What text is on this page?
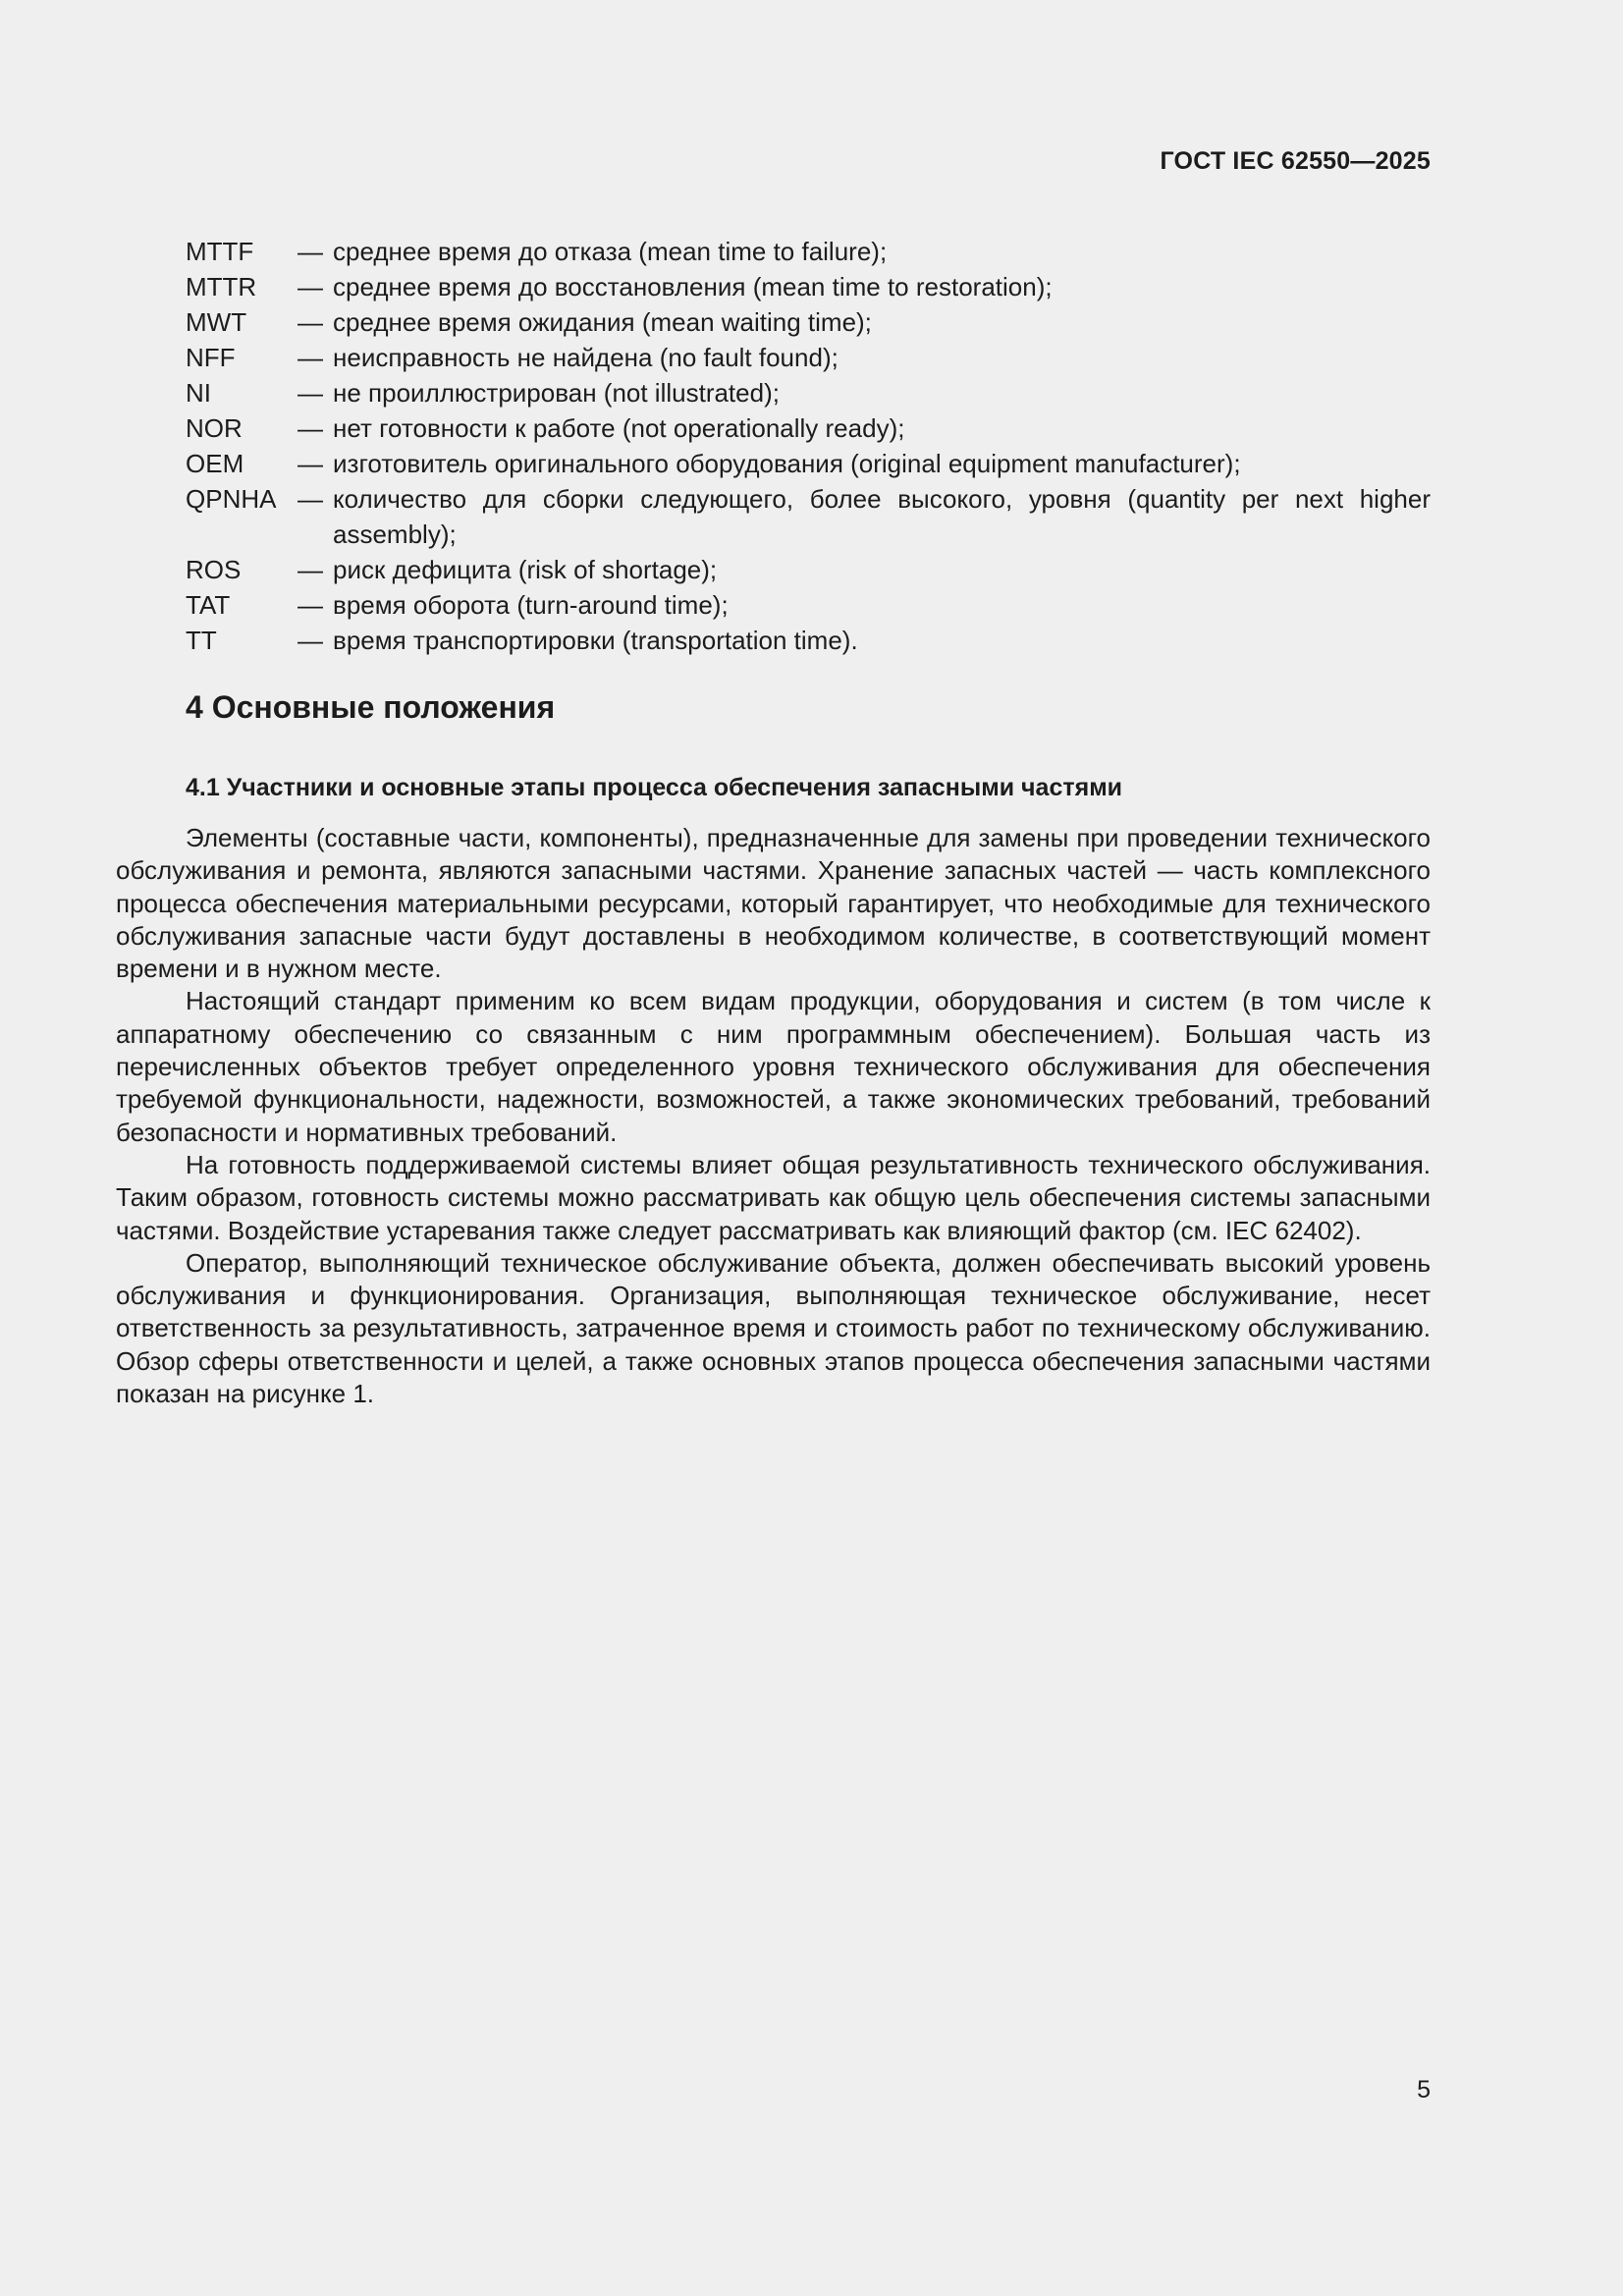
ГОСТ IEC 62550—2025
MTTF	— среднее время до отказа (mean time to failure);
MTTR	— среднее время до восстановления (mean time to restoration);
MWT	— среднее время ожидания (mean waiting time);
NFF	— неисправность не найдена (no fault found);
NI	— не проиллюстрирован (not illustrated);
NOR	— нет готовности к работе (not operationally ready);
OEM	— изготовитель оригинального оборудования (original equipment manufacturer);
QPNHA — количество для сборки следующего, более высокого, уровня (quantity per next higher assembly);
ROS	— риск дефицита (risk of shortage);
TAT	— время оборота (turn-around time);
TT	— время транспортировки (transportation time).
4 Основные положения
4.1 Участники и основные этапы процесса обеспечения запасными частями

Элементы (составные части, компоненты), предназначенные для замены при проведении технического обслуживания и ремонта, являются запасными частями. Хранение запасных частей — часть комплексного процесса обеспечения материальными ресурсами, который гарантирует, что необходимые для технического обслуживания запасные части будут доставлены в необходимом количестве, в соответствующий момент времени и в нужном месте.

Настоящий стандарт применим ко всем видам продукции, оборудования и систем (в том числе к аппаратному обеспечению со связанным с ним программным обеспечением). Большая часть из перечисленных объектов требует определенного уровня технического обслуживания для обеспечения требуемой функциональности, надежности, возможностей, а также экономических требований, требований безопасности и нормативных требований.

На готовность поддерживаемой системы влияет общая результативность технического обслуживания. Таким образом, готовность системы можно рассматривать как общую цель обеспечения системы запасными частями. Воздействие устаревания также следует рассматривать как влияющий фактор (см. IEC 62402).

Оператор, выполняющий техническое обслуживание объекта, должен обеспечивать высокий уровень обслуживания и функционирования. Организация, выполняющая техническое обслуживание, несет ответственность за результативность, затраченное время и стоимость работ по техническому обслуживанию. Обзор сферы ответственности и целей, а также основных этапов процесса обеспечения запасными частями показан на рисунке 1.

5
